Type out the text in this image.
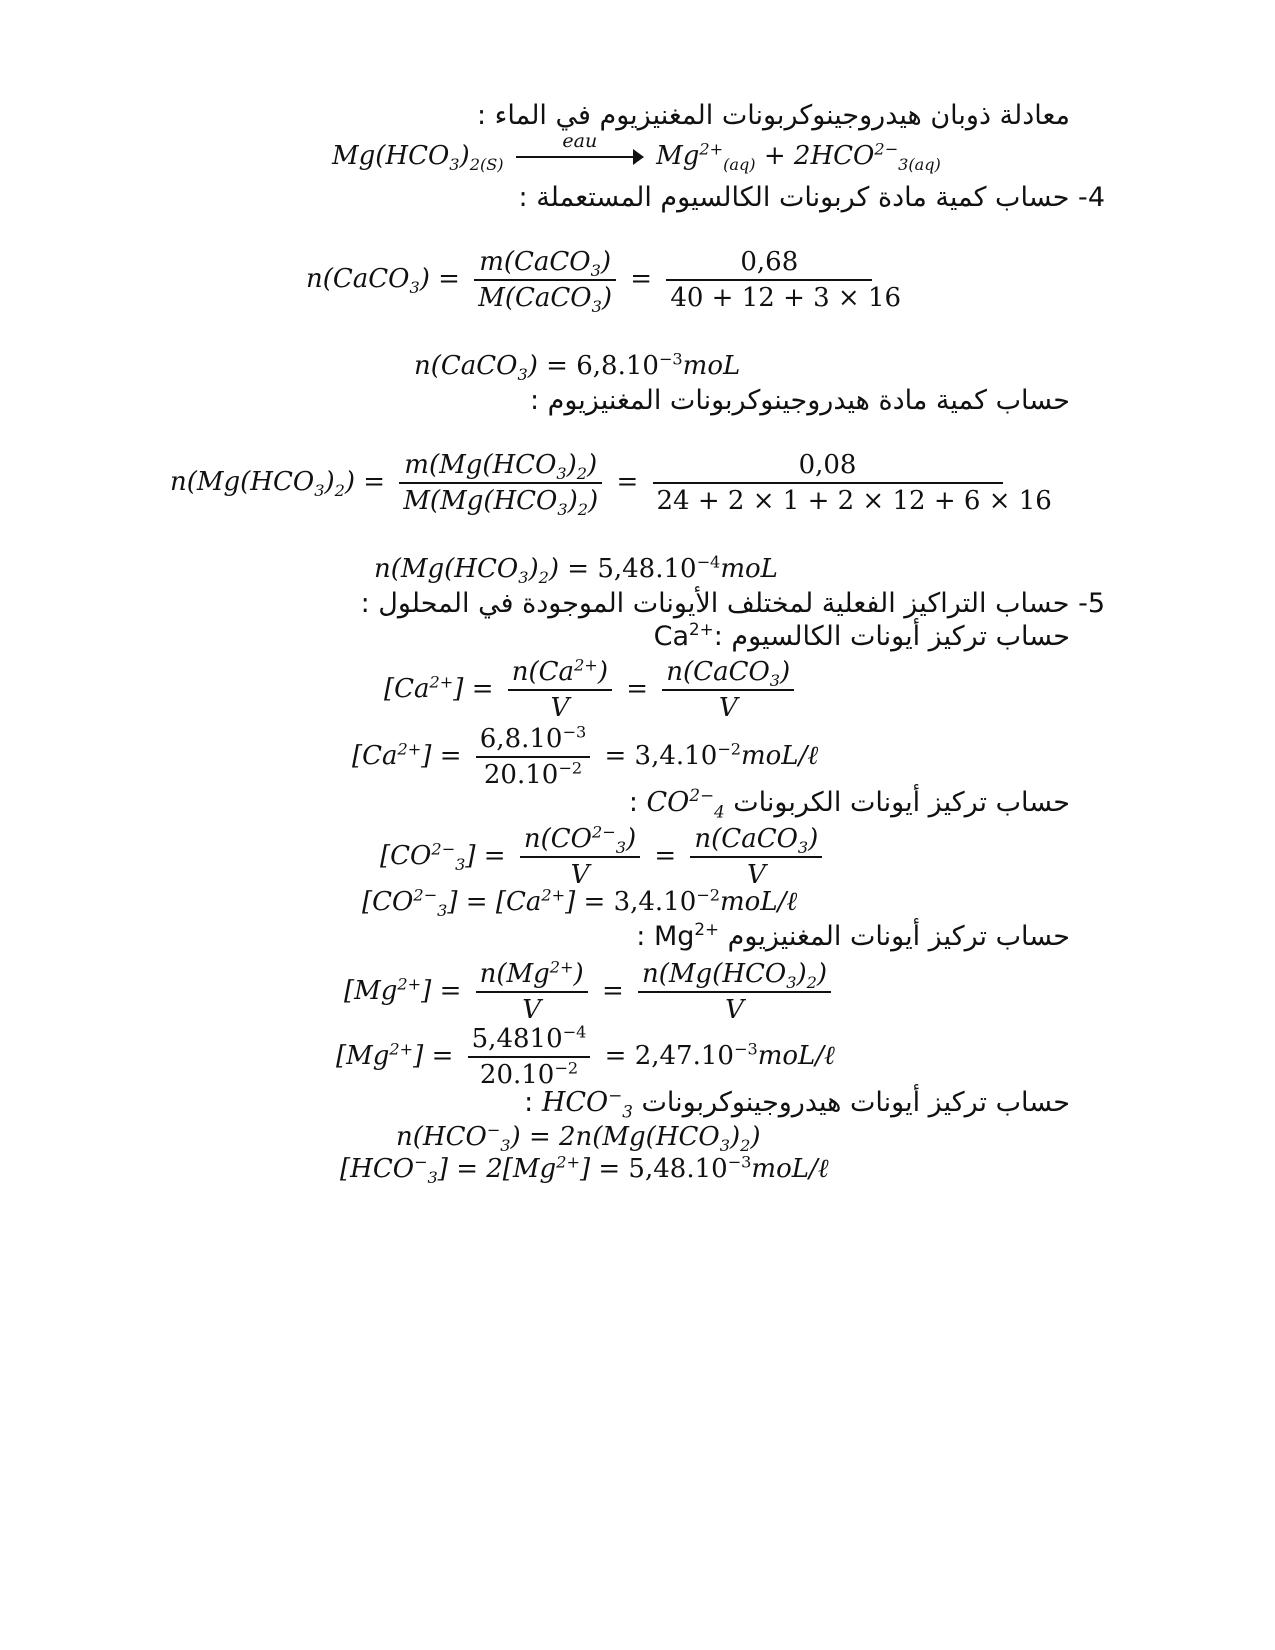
معادلة ذوبان هيدروجينوكربونات المغنيزيوم في الماء :
$Mg(HCO_3)_{2(S)}$
eau	$Mg^{2+}_{(aq)} + 2HCO^{2-}_{3(aq)}$
4- حساب كمية مادة كربونات الكالسيوم المستعملة :
n(CaCO$_3$) = $\frac{m(CaCO_3)}{M(CaCO_3)} = \frac{0,68}{40 + 12 + 3 \times 16}$
n(CaCO$_3$) = $6,8.10^{-3}moL$
حساب كمية مادة هيدروجينوكربونات المغنيزيوم :
$n(Mg(HCO_3)_2) = \frac{m(Mg(HCO_3)_2)}{M(Mg(HCO_3)_2)} = \frac{0,08}{24 + 2 \times 1 + 2 \times 12 + 6 \times 16}$
$n(Mg(HCO_3)_2) = 5,48.10^{-4}moL$
5- حساب التراكيز الفعلية لمختلف الأيونات الموجودة في المحلول :
حساب تركيز أيونات الكالسيوم $Ca^{2+}$:
$[Ca^{2+}] = \frac{n(Ca^{2+})}{V} = \frac{n(CaCO_3)}{V}$
$[Ca^{2+}] = \frac{6,8.10^{-3}}{20.10^{-2}}$ = $3,4.10^{-2}moL/\ell$
حساب تركيز أيونات الكربونات $CO^{2-}_4$ :
$[CO^{2-}_3] = \frac{n(CO^{2-}_3)}{V} = \frac{n(CaCO_3)}{V}$
$[CO^{2-}_3] = [Ca^{2+}]$ = $3,4.10^{-2}moL/\ell$
حساب تركيز أيونات المغنيزيوم $Mg^{2+}$ :
$[Mg^{2+}] = \frac{n(Mg^{2+})}{V} = \frac{n(Mg(HCO_3)_2)}{V}$
$[Mg^{2+}] = \frac{5,4810^{-4}}{20.10^{-2}}$ = $2,47.10^{-3}moL/\ell$
حساب تركيز أيونات هيدروجينوكربونات $HCO^-_3$ :
$n(HCO^-_3) = 2n(Mg(HCO_3)_2)$
$[HCO^-_3] = 2[Mg^{2+}]$ = $5,48.10^{-3}moL/\ell$
